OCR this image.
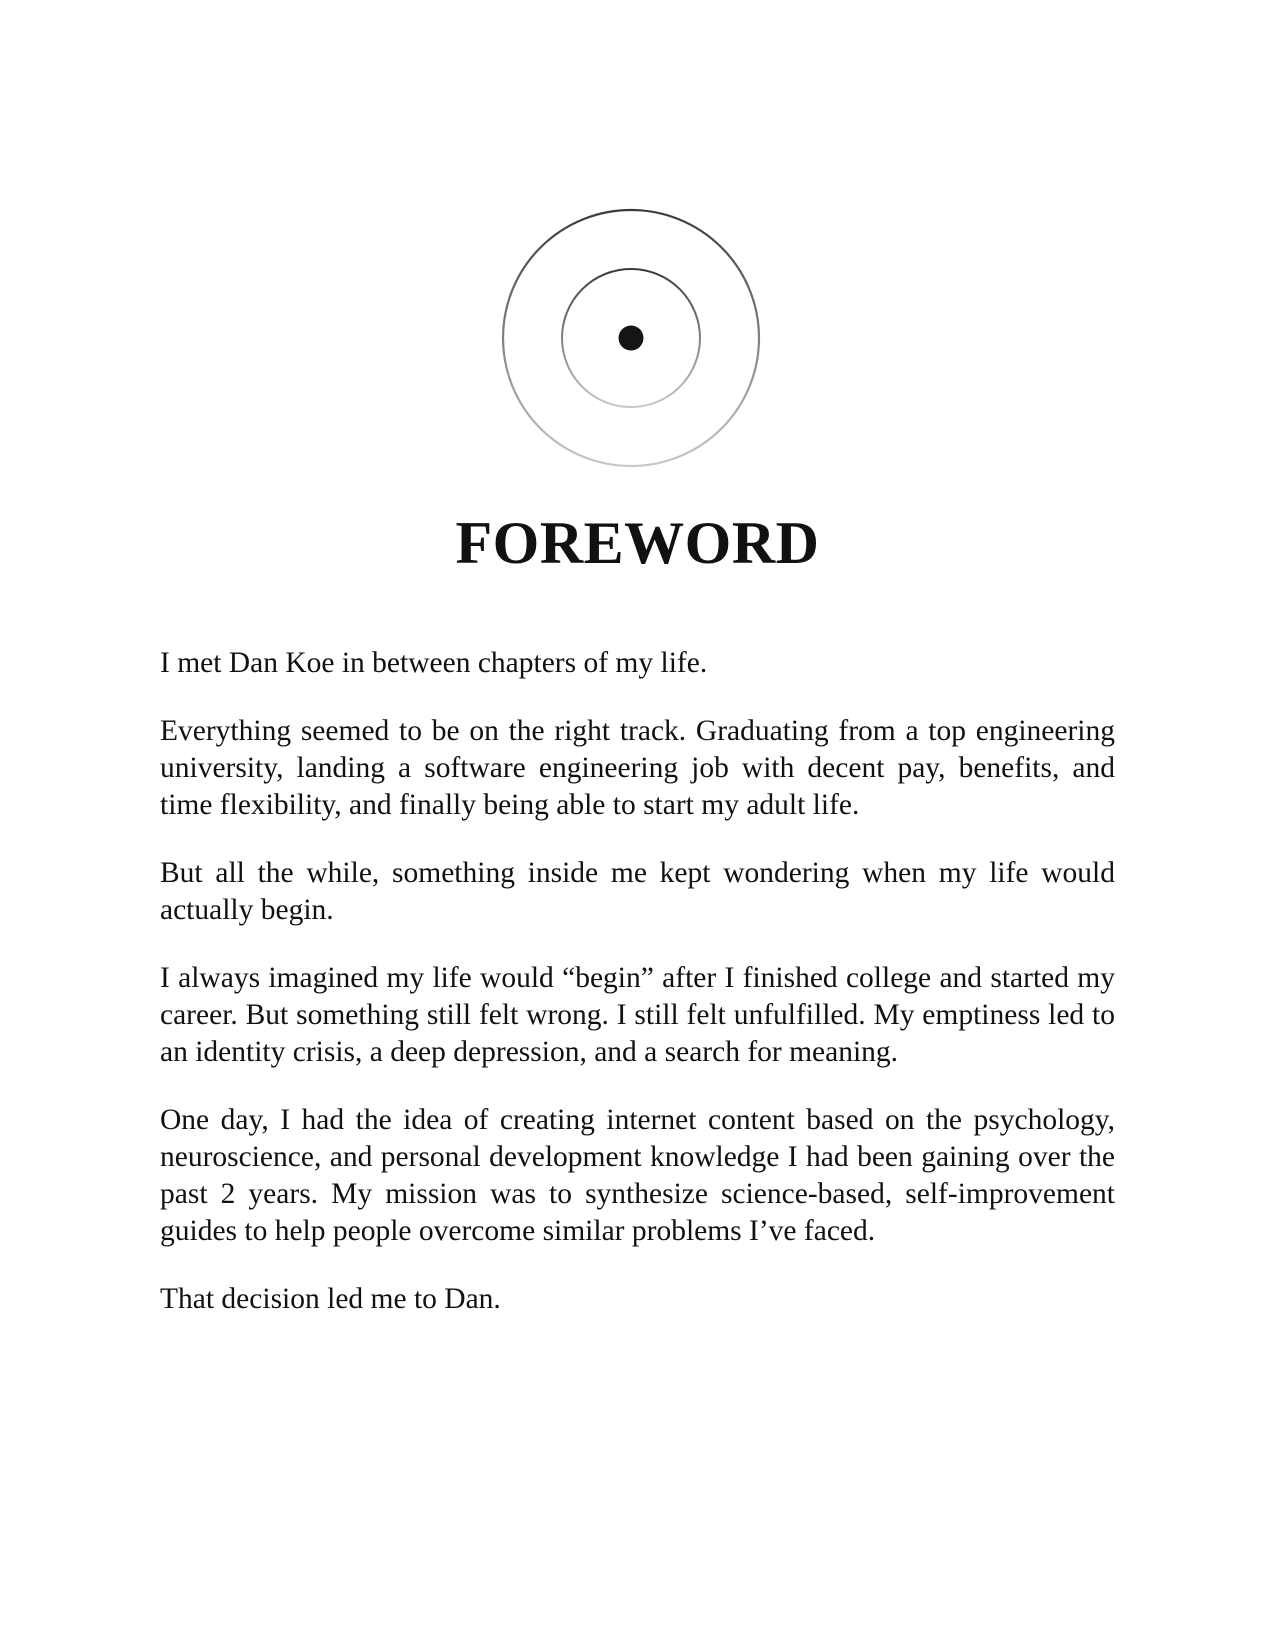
FOREWORD

I met Dan Koe in between chapters of my life.

Everything seemed to be on the right track. Graduating from a top engineering university, landing a software engineering job with decent pay, benefits, and time flexibility, and finally being able to start my adult life.

But all the while, something inside me kept wondering when my life would actually begin.

I always imagined my life would “begin” after I finished college and started my career. But something still felt wrong. I still felt unfulfilled. My emptiness led to an identity crisis, a deep depression, and a search for meaning.

One day, I had the idea of creating internet content based on the psychology, neuroscience, and personal development knowledge I had been gaining over the past 2 years. My mission was to synthesize science-based, self-improvement guides to help people overcome similar problems I’ve faced.

That decision led me to Dan.
